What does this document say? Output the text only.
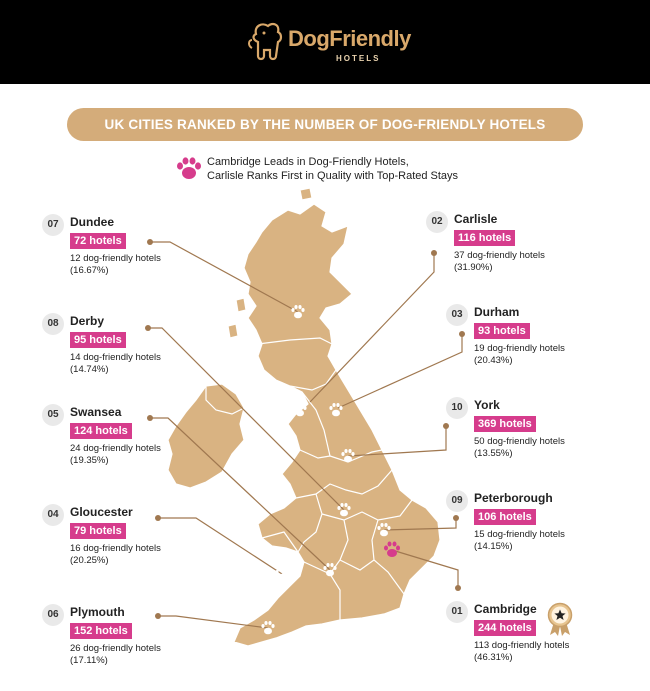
DogFriendly
HOTELS
UK CITIES RANKED BY THE NUMBER OF DOG-FRIENDLY HOTELS
Cambridge Leads in Dog-Friendly Hotels,
Carlisle Ranks First in Quality with Top-Rated Stays
07 Dundee
72 hotels
12 dog-friendly hotels
(16.67%)
02 Carlisle
116 hotels
37 dog-friendly hotels
(31.90%)
08 Derby
95 hotels
14 dog-friendly hotels
(14.74%)
03 Durham
93 hotels
19 dog-friendly hotels
(20.43%)
05 Swansea
124 hotels
24 dog-friendly hotels
(19.35%)
10 York
369 hotels
50 dog-friendly hotels
(13.55%)
04 Gloucester
79 hotels
16 dog-friendly hotels
(20.25%)
09 Peterborough
106 hotels
15 dog-friendly hotels
(14.15%)
06 Plymouth
152 hotels
26 dog-friendly hotels
(17.11%)
01 Cambridge
244 hotels
113 dog-friendly hotels
(46.31%)
